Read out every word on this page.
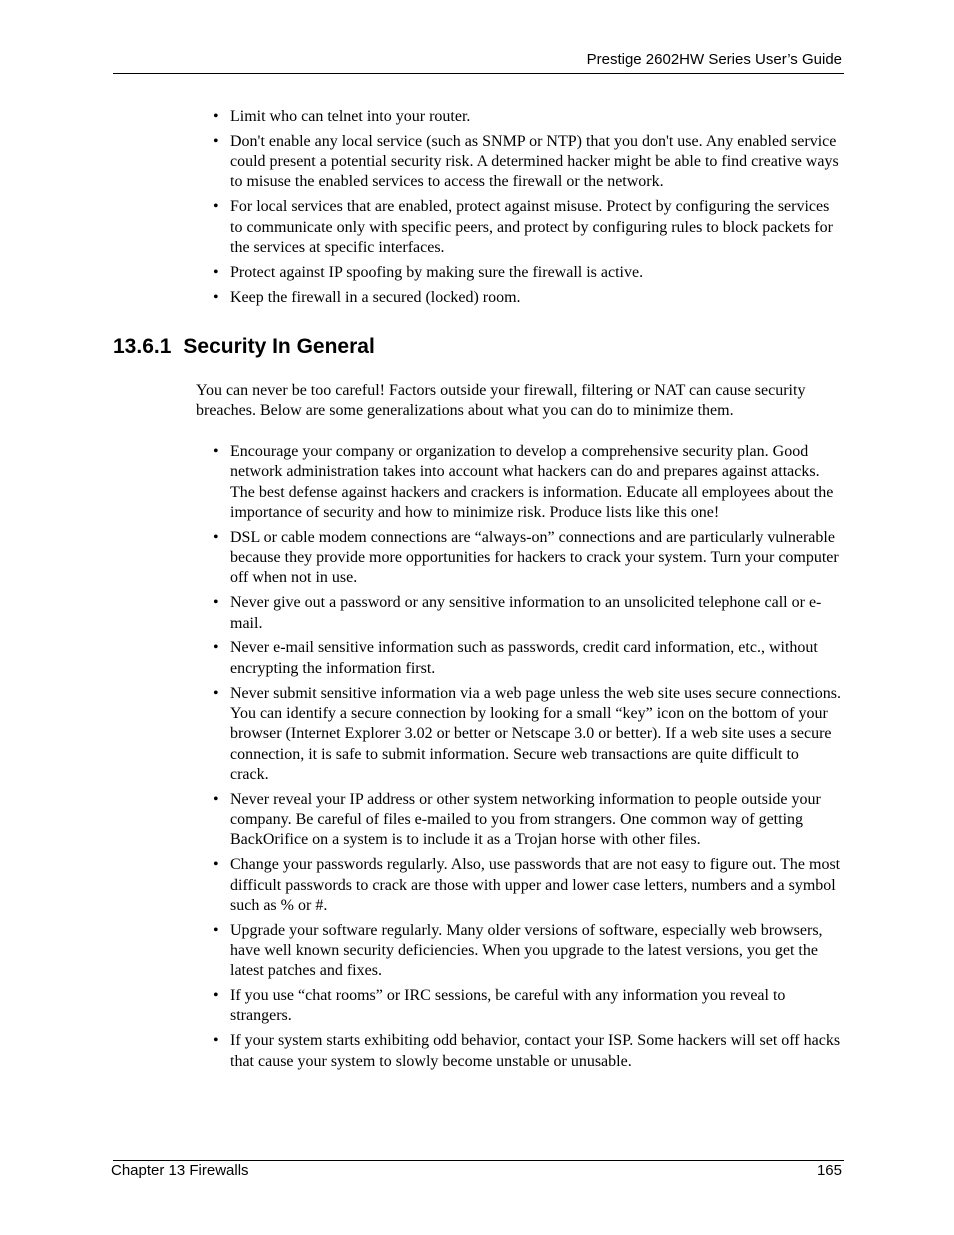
Prestige 2602HW Series User’s Guide
• Limit who can telnet into your router.
• Don't enable any local service (such as SNMP or NTP) that you don't use. Any enabled service could present a potential security risk. A determined hacker might be able to find creative ways to misuse the enabled services to access the firewall or the network.
• For local services that are enabled, protect against misuse. Protect by configuring the services to communicate only with specific peers, and protect by configuring rules to block packets for the services at specific interfaces.
• Protect against IP spoofing by making sure the firewall is active.
• Keep the firewall in a secured (locked) room.
13.6.1 Security In General

You can never be too careful! Factors outside your firewall, filtering or NAT can cause security breaches. Below are some generalizations about what you can do to minimize them.

• Encourage your company or organization to develop a comprehensive security plan. Good network administration takes into account what hackers can do and prepares against attacks. The best defense against hackers and crackers is information. Educate all employees about the importance of security and how to minimize risk. Produce lists like this one!
• DSL or cable modem connections are “always-on” connections and are particularly vulnerable because they provide more opportunities for hackers to crack your system. Turn your computer off when not in use.
• Never give out a password or any sensitive information to an unsolicited telephone call or e-mail.
• Never e-mail sensitive information such as passwords, credit card information, etc., without encrypting the information first.
• Never submit sensitive information via a web page unless the web site uses secure connections. You can identify a secure connection by looking for a small “key” icon on the bottom of your browser (Internet Explorer 3.02 or better or Netscape 3.0 or better). If a web site uses a secure connection, it is safe to submit information. Secure web transactions are quite difficult to crack.
• Never reveal your IP address or other system networking information to people outside your company. Be careful of files e-mailed to you from strangers. One common way of getting BackOrifice on a system is to include it as a Trojan horse with other files.
• Change your passwords regularly. Also, use passwords that are not easy to figure out. The most difficult passwords to crack are those with upper and lower case letters, numbers and a symbol such as % or #.
• Upgrade your software regularly. Many older versions of software, especially web browsers, have well known security deficiencies. When you upgrade to the latest versions, you get the latest patches and fixes.
• If you use “chat rooms” or IRC sessions, be careful with any information you reveal to strangers.
• If your system starts exhibiting odd behavior, contact your ISP. Some hackers will set off hacks that cause your system to slowly become unstable or unusable.
Chapter 13 Firewalls	165
